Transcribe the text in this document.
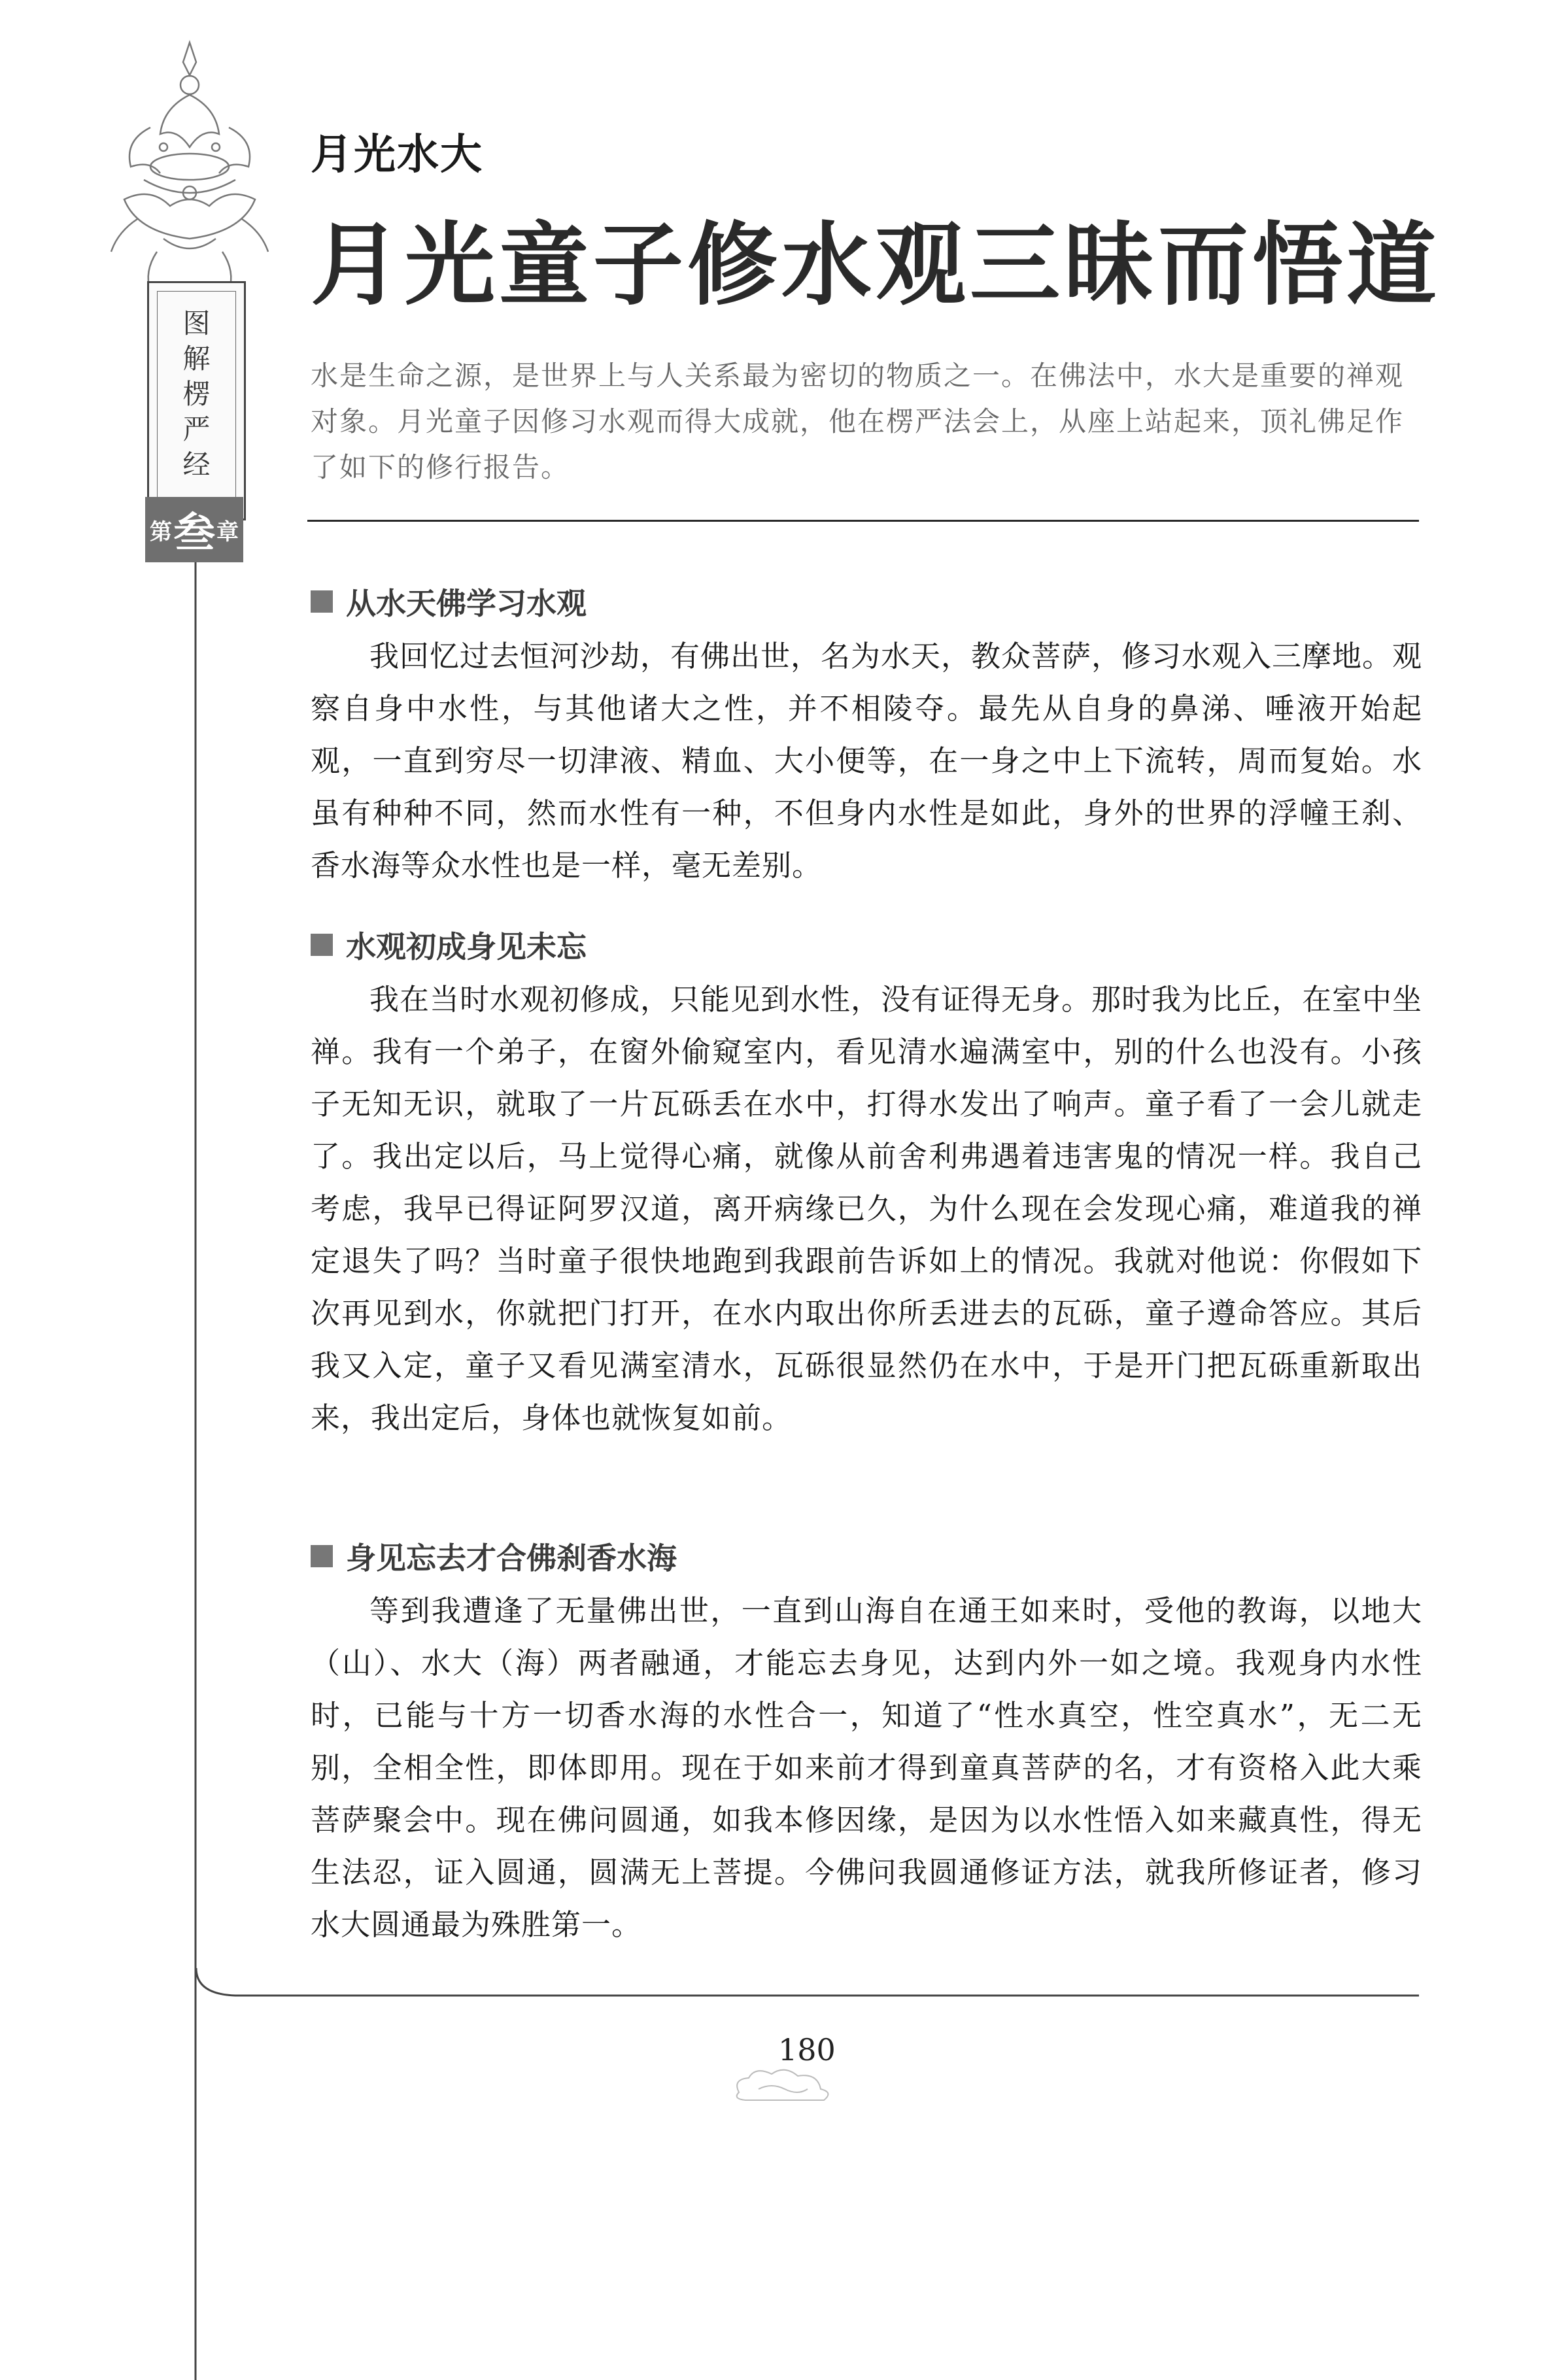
图
解
楞
严
经
第 叁 章
月光水大
月光童子修水观三昧而悟道
水是生命之源，是世界上与人关系最为密切的物质之一。在佛法中，水大是重要的禅观对象。月光童子因修习水观而得大成就，他在楞严法会上，从座上站起来，顶礼佛足作了如下的修行报告。
从水天佛学习水观
我回忆过去恒河沙劫，有佛出世，名为水天，教众菩萨，修习水观入三摩地。观察自身中水性，与其他诸大之性，并不相陵夺。最先从自身的鼻涕、唾液开始起观，一直到穷尽一切津液、精血、大小便等，在一身之中上下流转，周而复始。水虽有种种不同，然而水性有一种，不但身内水性是如此，身外的世界的浮幢王刹、香水海等众水性也是一样，毫无差别。
水观初成身见未忘
我在当时水观初修成，只能见到水性，没有证得无身。那时我为比丘，在室中坐禅。我有一个弟子，在窗外偷窥室内，看见清水遍满室中，别的什么也没有。小孩子无知无识，就取了一片瓦砾丢在水中，打得水发出了响声。童子看了一会儿就走了。我出定以后，马上觉得心痛，就像从前舍利弗遇着违害鬼的情况一样。我自己考虑，我早已得证阿罗汉道，离开病缘已久，为什么现在会发现心痛，难道我的禅定退失了吗？当时童子很快地跑到我跟前告诉如上的情况。我就对他说：你假如下次再见到水，你就把门打开，在水内取出你所丢进去的瓦砾，童子遵命答应。其后我又入定，童子又看见满室清水，瓦砾很显然仍在水中，于是开门把瓦砾重新取出来，我出定后，身体也就恢复如前。
身见忘去才合佛刹香水海
等到我遭逢了无量佛出世，一直到山海自在通王如来时，受他的教诲，以地大（山）、水大（海）两者融通，才能忘去身见，达到内外一如之境。我观身内水性时，已能与十方一切香水海的水性合一，知道了“性水真空，性空真水”，无二无别，全相全性，即体即用。现在于如来前才得到童真菩萨的名，才有资格入此大乘菩萨聚会中。现在佛问圆通，如我本修因缘，是因为以水性悟入如来藏真性，得无生法忍，证入圆通，圆满无上菩提。今佛问我圆通修证方法，就我所修证者，修习水大圆通最为殊胜第一。
180
